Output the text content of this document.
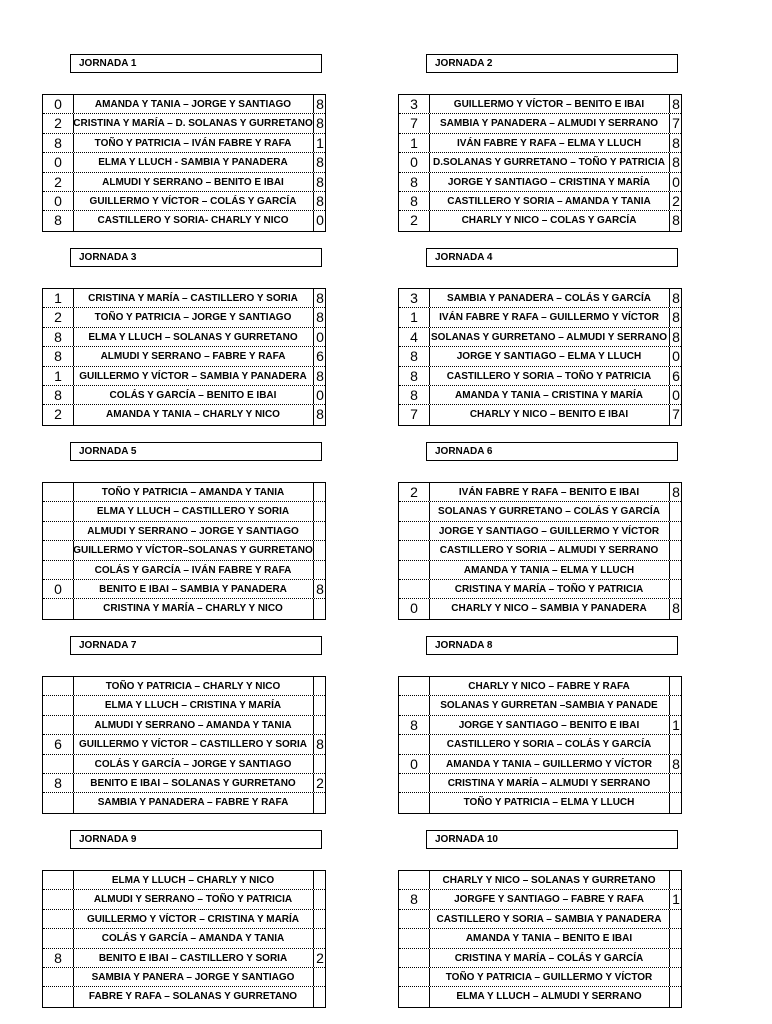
JORNADA 1
0	AMANDA Y TANIA – JORGE Y SANTIAGO	8
2	CRISTINA Y MARÍA – D. SOLANAS Y GURRETANO 8
8	TOÑO Y PATRICIA – IVÁN FABRE Y RAFA	1
0	ELMA Y LLUCH - SAMBIA Y PANADERA	8
2	ALMUDI Y SERRANO – BENITO E IBAI	8
0	GUILLERMO Y VÍCTOR – COLÁS Y GARCÍA	8
8	CASTILLERO Y SORIA- CHARLY Y NICO	0
JORNADA 2
3	GUILLERMO Y VÍCTOR – BENITO E IBAI	8
7	SAMBIA Y PANADERA – ALMUDI Y SERRANO	7
1	IVÁN FABRE Y RAFA – ELMA Y LLUCH	8
0	D.SOLANAS Y GURRETANO – TOÑO Y PATRICIA 8
8	JORGE Y SANTIAGO – CRISTINA Y MARÍA	0
8	CASTILLERO Y SORIA – AMANDA Y TANIA	2
2	CHARLY Y NICO – COLAS Y GARCÍA	8
JORNADA 3
1	CRISTINA Y MARÍA – CASTILLERO Y SORIA	8
2	TOÑO Y PATRICIA – JORGE Y SANTIAGO	8
8	ELMA Y LLUCH – SOLANAS Y GURRETANO	0
8	ALMUDI Y SERRANO – FABRE Y RAFA	6
1	GUILLERMO Y VÍCTOR – SAMBIA Y PANADERA 8
8	COLÁS Y GARCÍA – BENITO E IBAI	0
2	AMANDA Y TANIA – CHARLY Y NICO	8
JORNADA 4
3	SAMBIA Y PANADERA – COLÁS Y GARCÍA	8
1	IVÁN FABRE Y RAFA – GUILLERMO Y VÍCTOR 8
4	SOLANAS Y GURRETANO – ALMUDI Y SERRANO 8
8	JORGE Y SANTIAGO – ELMA Y LLUCH	0
8	CASTILLERO Y SORIA – TOÑO Y PATRICIA	6
8	AMANDA Y TANIA – CRISTINA Y MARÍA	0
7	CHARLY Y NICO – BENITO E IBAI	7
JORNADA 5
TOÑO Y PATRICIA – AMANDA Y TANIA
ELMA Y LLUCH – CASTILLERO Y SORIA
ALMUDI Y SERRANO – JORGE Y SANTIAGO
GUILLERMO Y VÍCTOR–SOLANAS Y GURRETANO
COLÁS Y GARCÍA – IVÁN FABRE Y RAFA
0	BENITO E IBAI – SAMBIA Y PANADERA	8
CRISTINA Y MARÍA – CHARLY Y NICO
JORNADA 6
2	IVÁN FABRE Y RAFA – BENITO E IBAI	8
SOLANAS Y GURRETANO – COLÁS Y GARCÍA
JORGE Y SANTIAGO – GUILLERMO Y VÍCTOR
CASTILLERO Y SORIA – ALMUDI Y SERRANO
AMANDA Y TANIA – ELMA Y LLUCH
CRISTINA Y MARÍA – TOÑO Y PATRICIA
0	CHARLY Y NICO – SAMBIA Y PANADERA	8
JORNADA 7
TOÑO Y PATRICIA – CHARLY Y NICO
ELMA Y LLUCH – CRISTINA Y MARÍA
ALMUDI Y SERRANO – AMANDA Y TANIA
6	GUILLERMO Y VÍCTOR – CASTILLERO Y SORIA 8
COLÁS Y GARCÍA – JORGE Y SANTIAGO
8	BENITO E IBAI – SOLANAS Y GURRETANO	2
SAMBIA Y PANADERA – FABRE Y RAFA
JORNADA 8
CHARLY Y NICO – FABRE Y RAFA
SOLANAS Y GURRETAN –SAMBIA Y PANADE
8	JORGE Y SANTIAGO – BENITO E IBAI	1
CASTILLERO Y SORIA – COLÁS Y GARCÍA
0	AMANDA Y TANIA – GUILLERMO Y VÍCTOR	8
CRISTINA Y MARÍA – ALMUDI Y SERRANO
TOÑO Y PATRICIA – ELMA Y LLUCH
JORNADA 9
ELMA Y LLUCH – CHARLY Y NICO
ALMUDI Y SERRANO – TOÑO Y PATRICIA
GUILLERMO Y VÍCTOR – CRISTINA Y MARÍA
COLÁS Y GARCÍA – AMANDA Y TANIA
8	BENITO E IBAI – CASTILLERO Y SORIA	2
SAMBIA Y PANERA – JORGE Y SANTIAGO
FABRE Y RAFA – SOLANAS Y GURRETANO
JORNADA 10
CHARLY Y NICO – SOLANAS Y GURRETANO
8	JORGFE Y SANTIAGO – FABRE Y RAFA	1
CASTILLERO Y SORIA – SAMBIA Y PANADERA
AMANDA Y TANIA – BENITO E IBAI
CRISTINA Y MARÍA – COLÁS Y GARCÍA
TOÑO Y PATRICIA – GUILLERMO Y VÍCTOR
ELMA Y LLUCH – ALMUDI Y SERRANO
